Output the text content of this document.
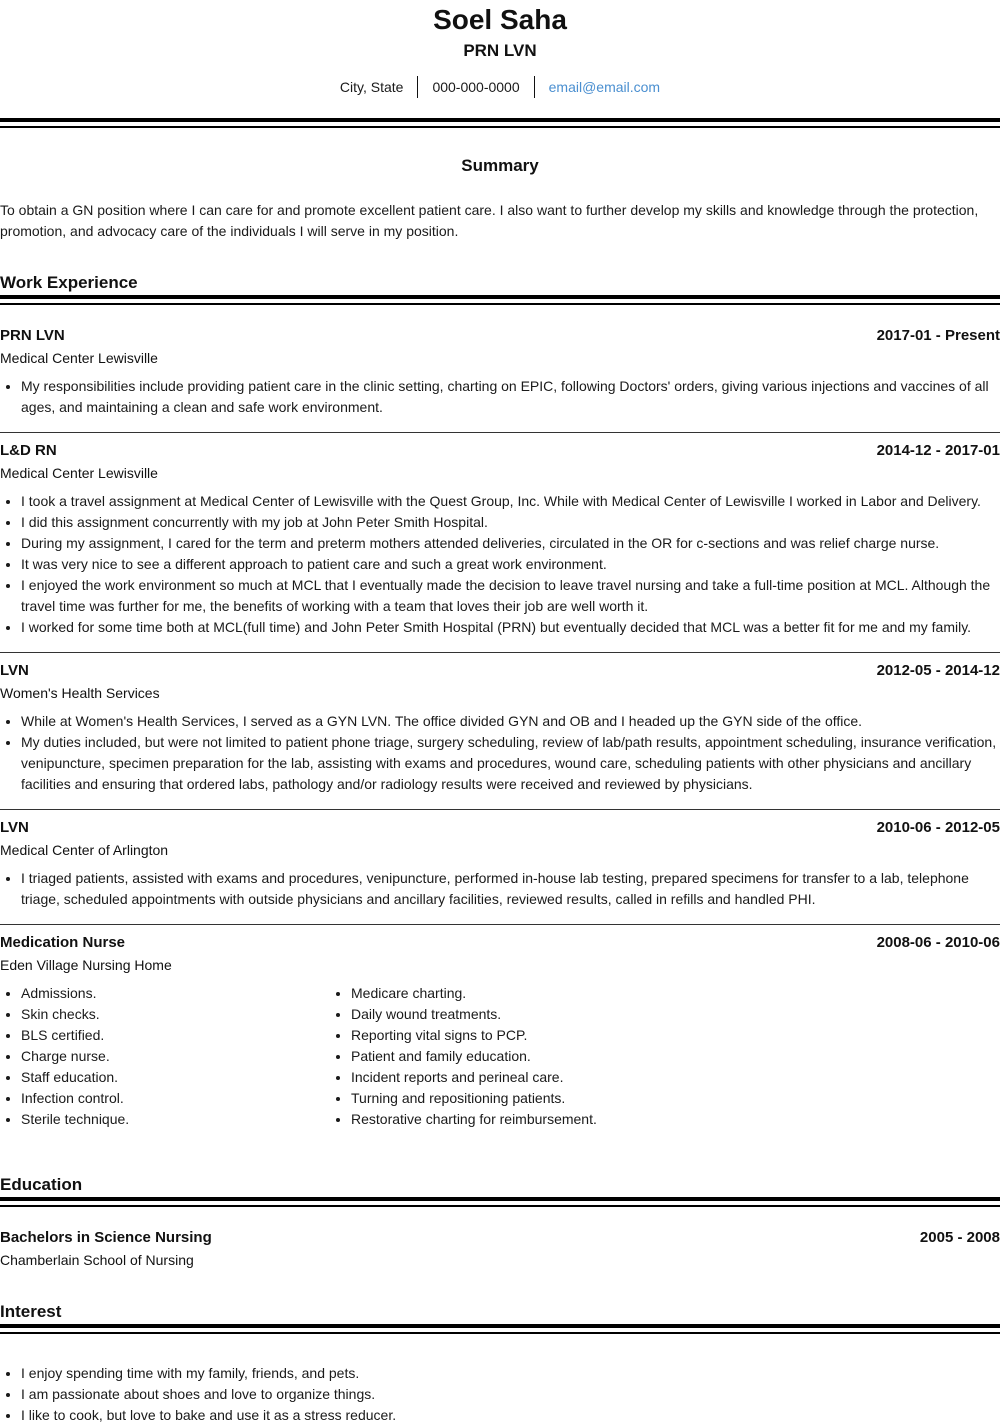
Soel Saha
PRN LVN
City, State	000-000-0000	email@email.com
Summary
To obtain a GN position where I can care for and promote excellent patient care. I also want to further develop my skills and knowledge through the protection, promotion, and advocacy care of the individuals I will serve in my position.
Work Experience
PRN LVN	2017-01 - Present
Medical Center Lewisville
• My responsibilities include providing patient care in the clinic setting, charting on EPIC, following Doctors' orders, giving various injections and vaccines of all ages, and maintaining a clean and safe work environment.
L&D RN	2014-12 - 2017-01
Medical Center Lewisville
• I took a travel assignment at Medical Center of Lewisville with the Quest Group, Inc. While with Medical Center of Lewisville I worked in Labor and Delivery.
• I did this assignment concurrently with my job at John Peter Smith Hospital.
• During my assignment, I cared for the term and preterm mothers attended deliveries, circulated in the OR for c-sections and was relief charge nurse.
• It was very nice to see a different approach to patient care and such a great work environment.
• I enjoyed the work environment so much at MCL that I eventually made the decision to leave travel nursing and take a full-time position at MCL. Although the travel time was further for me, the benefits of working with a team that loves their job are well worth it.
• I worked for some time both at MCL(full time) and John Peter Smith Hospital (PRN) but eventually decided that MCL was a better fit for me and my family.
LVN	2012-05 - 2014-12
Women's Health Services
• While at Women's Health Services, I served as a GYN LVN. The office divided GYN and OB and I headed up the GYN side of the office.
• My duties included, but were not limited to patient phone triage, surgery scheduling, review of lab/path results, appointment scheduling, insurance verification, venipuncture, specimen preparation for the lab, assisting with exams and procedures, wound care, scheduling patients with other physicians and ancillary facilities and ensuring that ordered labs, pathology and/or radiology results were received and reviewed by physicians.
LVN	2010-06 - 2012-05
Medical Center of Arlington
• I triaged patients, assisted with exams and procedures, venipuncture, performed in-house lab testing, prepared specimens for transfer to a lab, telephone triage, scheduled appointments with outside physicians and ancillary facilities, reviewed results, called in refills and handled PHI.
Medication Nurse	2008-06 - 2010-06
Eden Village Nursing Home
• Admissions.
• Skin checks.
• BLS certified.
• Charge nurse.
• Staff education.
• Infection control.
• Sterile technique.
• Medicare charting.
• Daily wound treatments.
• Reporting vital signs to PCP.
• Patient and family education.
• Incident reports and perineal care.
• Turning and repositioning patients.
• Restorative charting for reimbursement.
Education
Bachelors in Science Nursing	2005 - 2008
Chamberlain School of Nursing
Interest
• I enjoy spending time with my family, friends, and pets.
• I am passionate about shoes and love to organize things.
• I like to cook, but love to bake and use it as a stress reducer.
